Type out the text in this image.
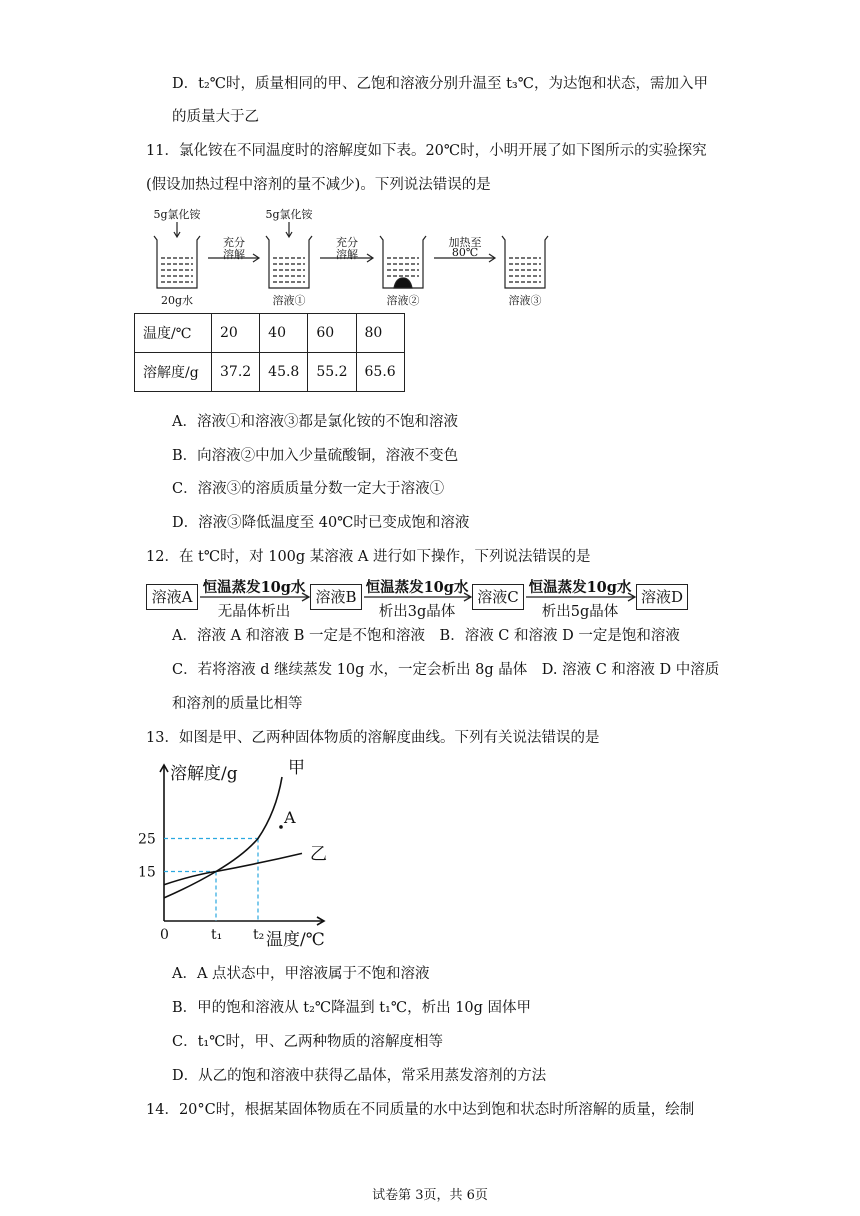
D．t₂℃时，质量相同的甲、乙饱和溶液分别升温至 t₃℃，为达饱和状态，需加入甲
的质量大于乙
11．氯化铵在不同温度时的溶解度如下表。20℃时，小明开展了如下图所示的实验探究
(假设加热过程中溶剂的量不减少)。下列说法错误的是
5g氯化铵	5g氯化铵
充分
溶解
充分
溶解
加热至
80℃
20g水	溶液①	溶液②	溶液③
温度/℃	20	40	60	80
溶解度/g	37.2	45.8	55.2	65.6
A．溶液①和溶液③都是氯化铵的不饱和溶液
B．向溶液②中加入少量硫酸铜，溶液不变色
C．溶液③的溶质质量分数一定大于溶液①
D．溶液③降低温度至 40℃时已变成饱和溶液
12．在 t℃时，对 100g 某溶液 A 进行如下操作，下列说法错误的是
溶液A	溶液B	溶液C	溶液D
恒温蒸发10g水
无晶体析出
恒温蒸发10g水
析出3g晶体
恒温蒸发10g水
析出5g晶体
A．溶液 A 和溶液 B 一定是不饱和溶液　B．溶液 C 和溶液 D 一定是饱和溶液
C．若将溶液 d 继续蒸发 10g 水，一定会析出 8g 晶体　D. 溶液 C 和溶液 D 中溶质
和溶剂的质量比相等
13．如图是甲、乙两种固体物质的溶解度曲线。下列有关说法错误的是
溶解度/g
温度/℃
0
15
25
t₁ t₂
甲
乙
A
A．A 点状态中，甲溶液属于不饱和溶液
B．甲的饱和溶液从 t₂℃降温到 t₁℃，析出 10g 固体甲
C．t₁℃时，甲、乙两种物质的溶解度相等
D．从乙的饱和溶液中获得乙晶体，常采用蒸发溶剂的方法
14．20°C时，根据某固体物质在不同质量的水中达到饱和状态时所溶解的质量，绘制
试卷第 3页，共 6页
